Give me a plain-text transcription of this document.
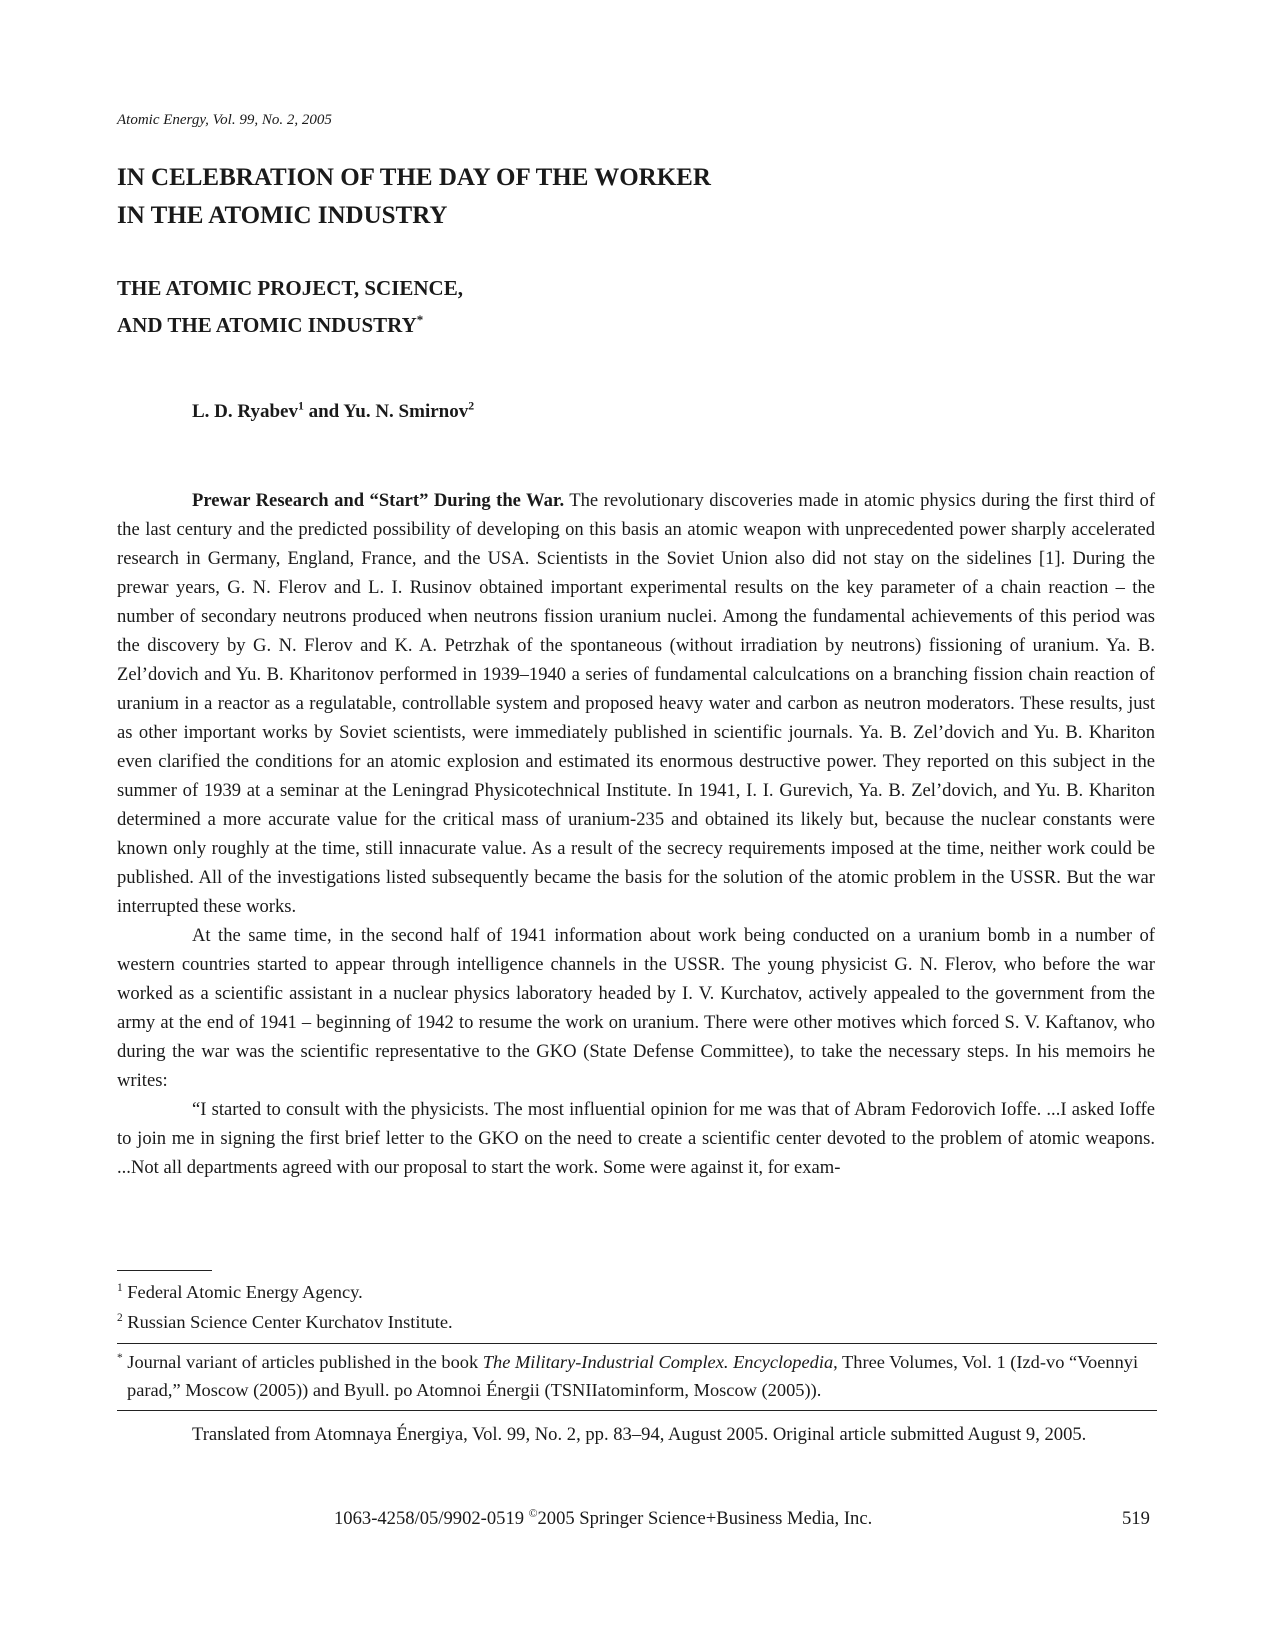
Atomic Energy, Vol. 99, No. 2, 2005
IN CELEBRATION OF THE DAY OF THE WORKER
IN THE ATOMIC INDUSTRY
THE ATOMIC PROJECT, SCIENCE,
AND THE ATOMIC INDUSTRY*
L. D. Ryabev$^1$ and Yu. N. Smirnov$^2$

Prewar Research and “Start” During the War. The revolutionary discoveries made in atomic physics during the first third of the last century and the predicted possibility of developing on this basis an atomic weapon with unprecedented power sharply accelerated research in Germany, England, France, and the USA. Scientists in the Soviet Union also did not stay on the sidelines [1]. During the prewar years, G. N. Flerov and L. I. Rusinov obtained important experimental results on the key parameter of a chain reaction – the number of secondary neutrons produced when neutrons fission uranium nuclei. Among the fundamental achievements of this period was the discovery by G. N. Flerov and K. A. Petrzhak of the spontaneous (without irradiation by neutrons) fissioning of uranium. Ya. B. Zel’dovich and Yu. B. Kharitonov performed in 1939–1940 a series of fundamental calculcations on a branching fission chain reaction of uranium in a reactor as a regulatable, controllable system and proposed heavy water and carbon as neutron moderators. These results, just as other important works by Soviet scientists, were immediately published in scientific journals. Ya. B. Zel’dovich and Yu. B. Khariton even clarified the conditions for an atomic explosion and estimated its enormous destructive power. They reported on this subject in the summer of 1939 at a seminar at the Leningrad Physicotechnical Institute. In 1941, I. I. Gurevich, Ya. B. Zel’dovich, and Yu. B. Khariton determined a more accurate value for the critical mass of uranium-235 and obtained its likely but, because the nuclear constants were known only roughly at the time, still innacurate value. As a result of the secrecy requirements imposed at the time, neither work could be published. All of the investigations listed subsequently became the basis for the solution of the atomic problem in the USSR. But the war interrupted these works.

At the same time, in the second half of 1941 information about work being conducted on a uranium bomb in a number of western countries started to appear through intelligence channels in the USSR. The young physicist G. N. Flerov, who before the war worked as a scientific assistant in a nuclear physics laboratory headed by I. V. Kurchatov, actively appealed to the government from the army at the end of 1941 – beginning of 1942 to resume the work on uranium. There were other motives which forced S. V. Kaftanov, who during the war was the scientific representative to the GKO (State Defense Committee), to take the necessary steps. In his memoirs he writes:

“I started to consult with the physicists. The most influential opinion for me was that of Abram Fedorovich Ioffe. ...I asked Ioffe to join me in signing the first brief letter to the GKO on the need to create a scientific center devoted to the problem of atomic weapons. ...Not all departments agreed with our proposal to start the work. Some were against it, for exam-

$^1$ Federal Atomic Energy Agency.
$^2$ Russian Science Center Kurchatov Institute.
* Journal variant of articles published in the book The Military-Industrial Complex. Encyclopedia, Three Volumes, Vol. 1 (Izd-vo “Voennyi parad,” Moscow (2005)) and Byull. po Atomnoi Énergii (TSNIIatominform, Moscow (2005)).
Translated from Atomnaya Énergiya, Vol. 99, No. 2, pp. 83–94, August 2005. Original article submitted August 9, 2005.
1063-4258/05/9902-0519 ©2005 Springer Science+Business Media, Inc.	519
